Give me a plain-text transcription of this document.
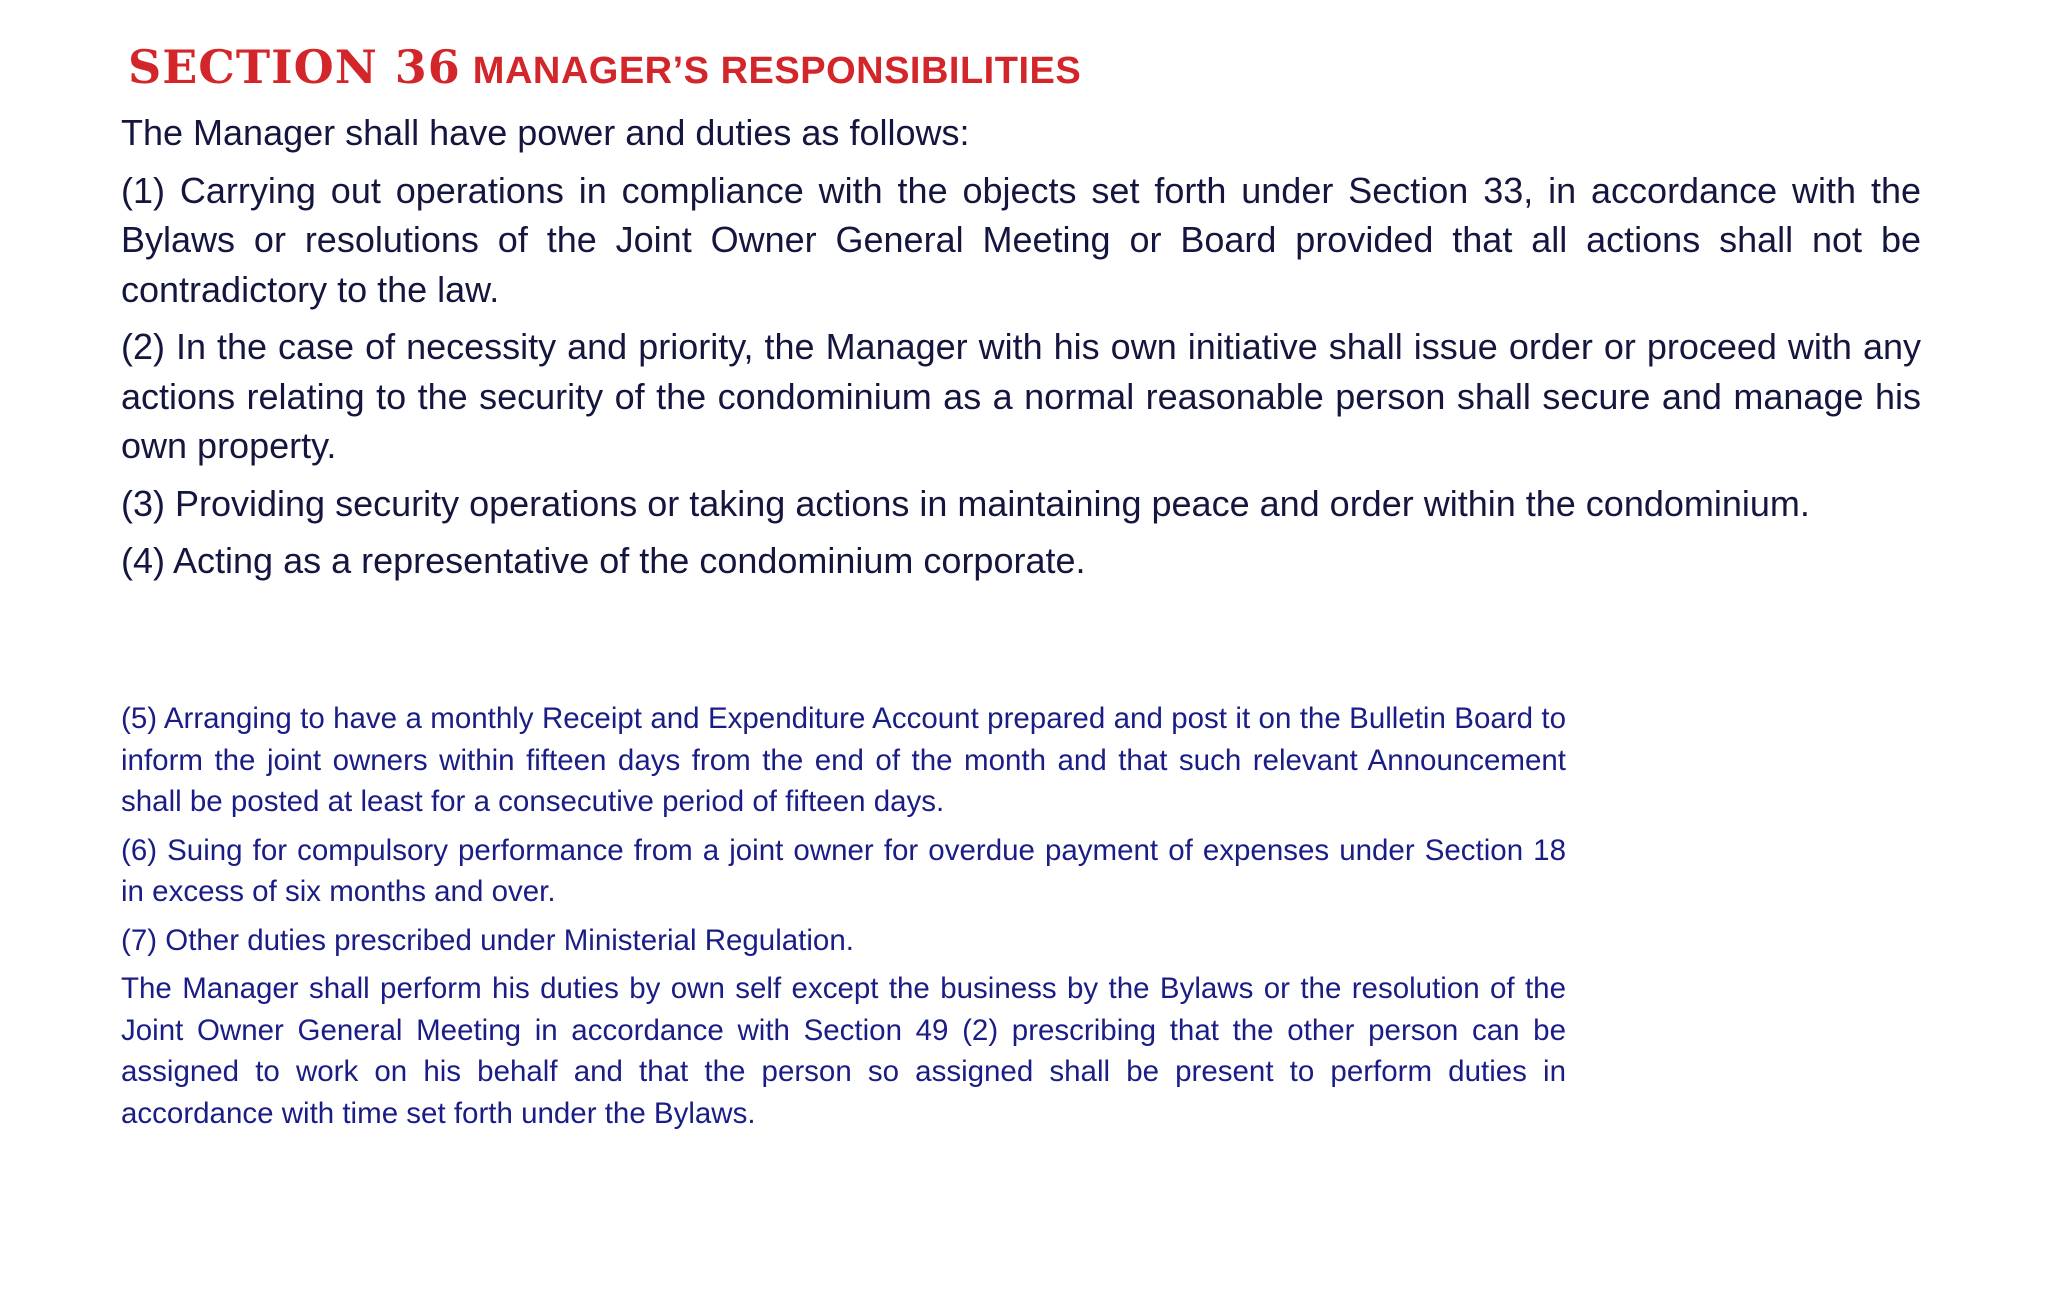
SECTION 36 MANAGER’S RESPONSIBILITIES

The Manager shall have power and duties as follows:

(1) Carrying out operations in compliance with the objects set forth under Section 33, in accordance with the Bylaws or resolutions of the Joint Owner General Meeting or Board provided that all actions shall not be contradictory to the law.

(2) In the case of necessity and priority, the Manager with his own initiative shall issue order or proceed with any actions relating to the security of the condominium as a normal reasonable person shall secure and manage his own property.

(3) Providing security operations or taking actions in maintaining peace and order within the condominium.

(4) Acting as a representative of the condominium corporate.

(5) Arranging to have a monthly Receipt and Expenditure Account prepared and post it on the Bulletin Board to inform the joint owners within fifteen days from the end of the month and that such relevant Announcement shall be posted at least for a consecutive period of fifteen days.

(6) Suing for compulsory performance from a joint owner for overdue payment of expenses under Section 18 in excess of six months and over.

(7) Other duties prescribed under Ministerial Regulation.

The Manager shall perform his duties by own self except the business by the Bylaws or the resolution of the Joint Owner General Meeting in accordance with Section 49 (2) prescribing that the other person can be assigned to work on his behalf and that the person so assigned shall be present to perform duties in accordance with time set forth under the Bylaws.
